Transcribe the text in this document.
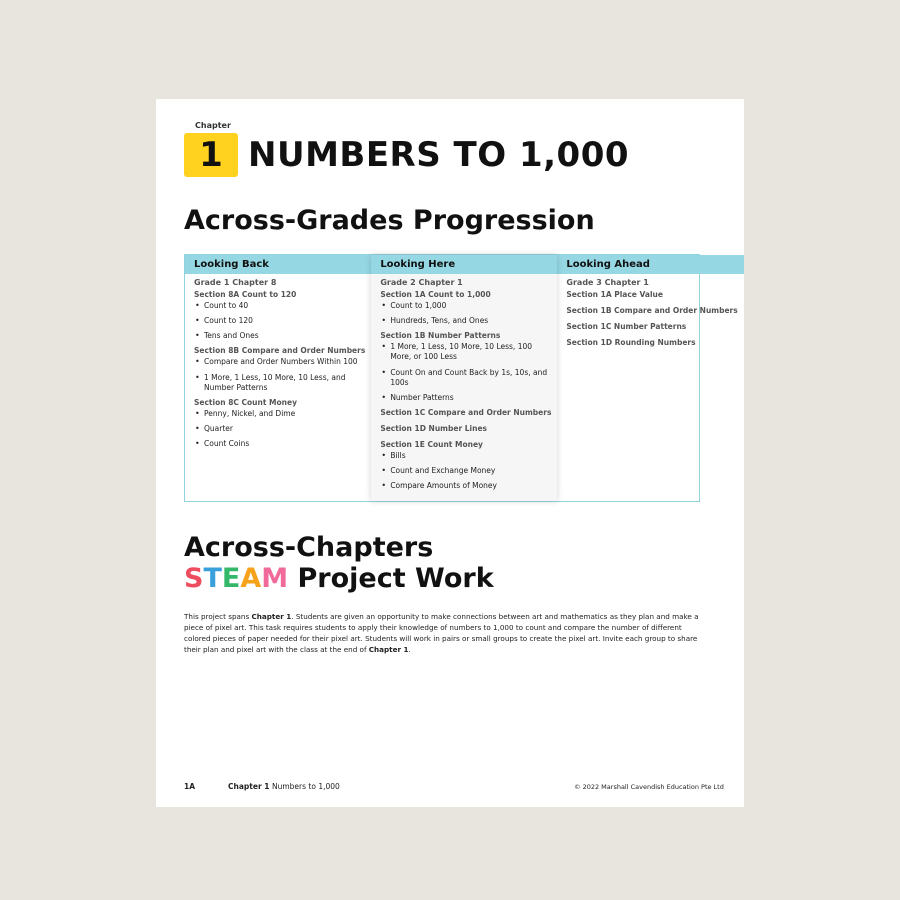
Chapter
1 NUMBERS TO 1,000
Across-Grades Progression
Looking Back
Grade 1 Chapter 8
Section 8A Count to 120
• Count to 40
• Count to 120
• Tens and Ones
Section 8B Compare and Order Numbers
• Compare and Order Numbers Within 100
• 1 More, 1 Less, 10 More, 10 Less, and Number Patterns
Section 8C Count Money
• Penny, Nickel, and Dime
• Quarter
• Count Coins
Looking Here
Grade 2 Chapter 1
Section 1A Count to 1,000
• Count to 1,000
• Hundreds, Tens, and Ones
Section 1B Number Patterns
• 1 More, 1 Less, 10 More, 10 Less, 100 More, or 100 Less
• Count On and Count Back by 1s, 10s, and 100s
• Number Patterns
Section 1C Compare and Order Numbers
Section 1D Number Lines
Section 1E Count Money
• Bills
• Count and Exchange Money
• Compare Amounts of Money
Looking Ahead
Grade 3 Chapter 1
Section 1A Place Value
Section 1B Compare and Order Numbers
Section 1C Number Patterns
Section 1D Rounding Numbers
Across-Chapters
STEAM Project Work
This project spans Chapter 1. Students are given an opportunity to make connections between art and mathematics as they plan and make a piece of pixel art. This task requires students to apply their knowledge of numbers to 1,000 to count and compare the number of different colored pieces of paper needed for their pixel art. Students will work in pairs or small groups to create the pixel art. Invite each group to share their plan and pixel art with the class at the end of Chapter 1.
1A	Chapter 1 Numbers to 1,000	© 2022 Marshall Cavendish Education Pte Ltd
